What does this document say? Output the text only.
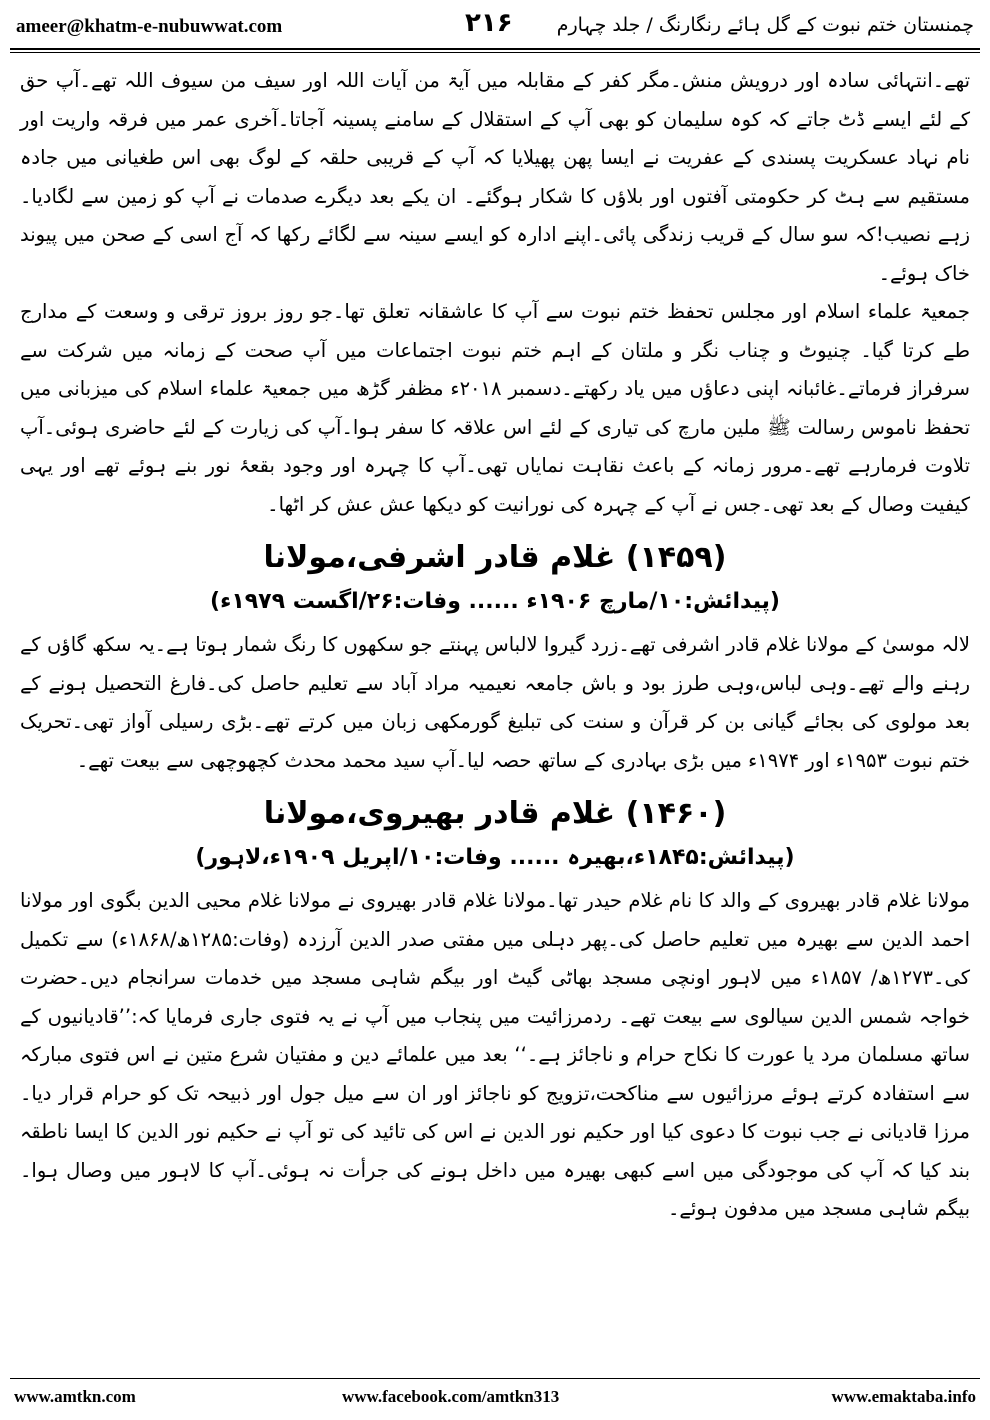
ameer@khatm-e-nubuwwat.com	۲۱۶ چمنستان ختم نبوت کے گل ہائے رنگارنگ / جلد چہارم

تھے۔انتہائی سادہ اور درویش منش۔مگر کفر کے مقابلہ میں آیۃ من آیات اللہ اور سیف من سیوف اللہ تھے۔آپ حق کے لئے ایسے ڈٹ جاتے کہ کوہ سلیمان کو بھی آپ کے استقلال کے سامنے پسینہ آجاتا۔آخری عمر میں فرقہ واریت اور نام نہاد عسکریت پسندی کے عفریت نے ایسا پھن پھیلایا کہ آپ کے قریبی حلقہ کے لوگ بھی اس طغیانی میں جادہ مستقیم سے ہٹ کر حکومتی آفتوں اور بلاؤں کا شکار ہوگئے۔ ان یکے بعد دیگرے صدمات نے آپ کو زمین سے لگادیا۔زہے نصیب!کہ سو سال کے قریب زندگی پائی۔اپنے ادارہ کو ایسے سینہ سے لگائے رکھا کہ آج اسی کے صحن میں پیوند خاک ہوئے۔

جمعیۃ علماء اسلام اور مجلس تحفظ ختم نبوت سے آپ کا عاشقانہ تعلق تھا۔جو روز بروز ترقی و وسعت کے مدارج طے کرتا گیا۔ چنیوٹ و چناب نگر و ملتان کے اہم ختم نبوت اجتماعات میں آپ صحت کے زمانہ میں شرکت سے سرفراز فرماتے۔غائبانہ اپنی دعاؤں میں یاد رکھتے۔دسمبر ۲۰۱۸ء مظفر گڑھ میں جمعیۃ علماء اسلام کی میزبانی میں تحفظ ناموس رسالت ﷺ ملین مارچ کی تیاری کے لئے اس علاقہ کا سفر ہوا۔آپ کی زیارت کے لئے حاضری ہوئی۔آپ تلاوت فرمارہے تھے۔مرور زمانہ کے باعث نقاہت نمایاں تھی۔آپ کا چہرہ اور وجود بقعۂ نور بنے ہوئے تھے اور یہی کیفیت وصال کے بعد تھی۔جس نے آپ کے چہرہ کی نورانیت کو دیکھا عش عش کر اٹھا۔

(۱۴۵۹) غلام قادر اشرفی،مولانا
(پیدائش:۱۰/مارچ ۱۹۰۶ء ...... وفات:۲۶/اگست ۱۹۷۹ء)

لالہ موسیٰ کے مولانا غلام قادر اشرفی تھے۔زرد گیروا لالباس پہنتے جو سکھوں کا رنگ شمار ہوتا ہے۔یہ سکھ گاؤں کے رہنے والے تھے۔وہی لباس،وہی طرز بود و باش جامعہ نعیمیہ مراد آباد سے تعلیم حاصل کی۔فارغ التحصیل ہونے کے بعد مولوی کی بجائے گیانی بن کر قرآن و سنت کی تبلیغ گورمکھی زبان میں کرتے تھے۔بڑی رسیلی آواز تھی۔تحریک ختم نبوت ۱۹۵۳ء اور ۱۹۷۴ء میں بڑی بہادری کے ساتھ حصہ لیا۔آپ سید محمد محدث کچھوچھی سے بیعت تھے۔

(۱۴۶۰) غلام قادر بھیروی،مولانا
(پیدائش:۱۸۴۵ء،بھیرہ ...... وفات:۱۰/اپریل ۱۹۰۹ء،لاہور)

مولانا غلام قادر بھیروی کے والد کا نام غلام حیدر تھا۔مولانا غلام قادر بھیروی نے مولانا غلام محیی الدین بگوی اور مولانا احمد الدین سے بھیرہ میں تعلیم حاصل کی۔پھر دہلی میں مفتی صدر الدین آرزدہ (وفات:۱۲۸۵ھ/۱۸۶۸ء) سے تکمیل کی۔۱۲۷۳ھ/ ۱۸۵۷ء میں لاہور اونچی مسجد بھاٹی گیٹ اور بیگم شاہی مسجد میں خدمات سرانجام دیں۔حضرت خواجہ شمس الدین سیالوی سے بیعت تھے۔ ردمرزائیت میں پنجاب میں آپ نے یہ فتوی جاری فرمایا کہ:’’قادیانیوں کے ساتھ مسلمان مرد یا عورت کا نکاح حرام و ناجائز ہے۔‘‘ بعد میں علمائے دین و مفتیان شرع متین نے اس فتوی مبارکہ سے استفادہ کرتے ہوئے مرزائیوں سے مناکحت،تزویج کو ناجائز اور ان سے میل جول اور ذبیحہ تک کو حرام قرار دیا۔مرزا قادیانی نے جب نبوت کا دعوی کیا اور حکیم نور الدین نے اس کی تائید کی تو آپ نے حکیم نور الدین کا ایسا ناطقہ بند کیا کہ آپ کی موجودگی میں اسے کبھی بھیرہ میں داخل ہونے کی جرأت نہ ہوئی۔آپ کا لاہور میں وصال ہوا۔ بیگم شاہی مسجد میں مدفون ہوئے۔

www.amtkn.com	www.facebook.com/amtkn313	www.emaktaba.info
